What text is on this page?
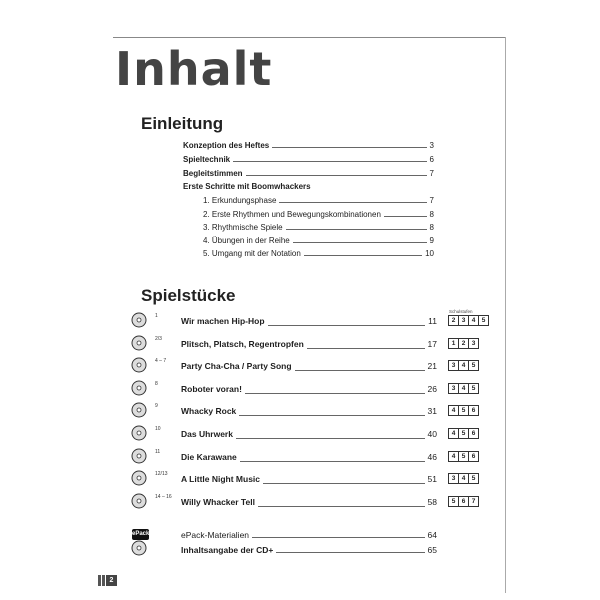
Inhalt
Einleitung
Konzeption des Heftes	3
Spieltechnik	6
Begleitstimmen	7
Erste Schritte mit Boomwhackers
1. Erkundungsphase	7
2. Erste Rhythmen und Bewegungskombinationen	8
3. Rhythmische Spiele	8
4. Übungen in der Reihe	9
5. Umgang mit der Notation	10
Spielstücke
Schulstufen
1	Wir machen Hip-Hop	11	2 3 4 5
2/3 Plitsch, Platsch, Regentropfen	17	1 2 3
4 – 7 Party Cha-Cha / Party Song	21	3 4 5
8	Roboter voran!	26	3 4 5
9	Whacky Rock	31	4 5 6
10 Das Uhrwerk	40	4 5 6
11 Die Karawane	46	4 5 6
12/13 A Little Night Music	51	3 4 5
14 – 16 Willy Whacker Tell	58	5 6 7
ePack	ePack-Materialien	64
Inhaltsangabe der CD+	65
2
